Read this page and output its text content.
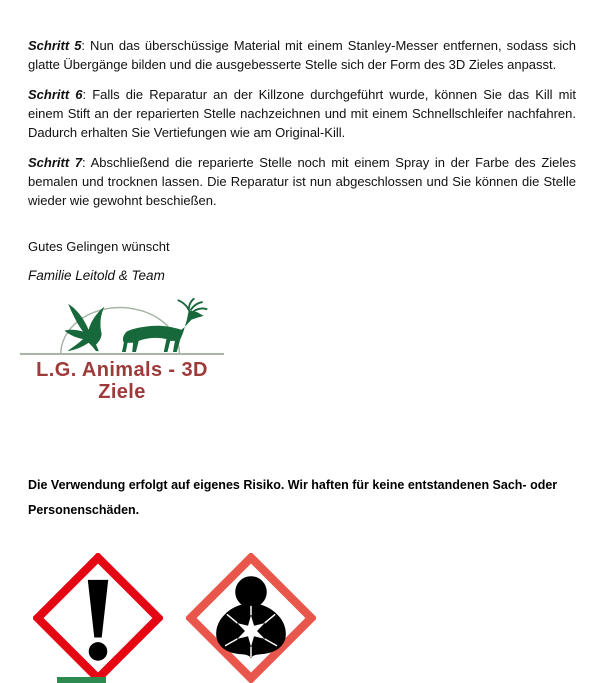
Schritt 5: Nun das überschüssige Material mit einem Stanley-Messer entfernen, sodass sich glatte Übergänge bilden und die ausgebesserte Stelle sich der Form des 3D Zieles anpasst.

Schritt 6: Falls die Reparatur an der Killzone durchgeführt wurde, können Sie das Kill mit einem Stift an der reparierten Stelle nachzeichnen und mit einem Schnellschleifer nachfahren. Dadurch erhalten Sie Vertiefungen wie am Original-Kill.

Schritt 7: Abschließend die reparierte Stelle noch mit einem Spray in der Farbe des Zieles bemalen und trocknen lassen. Die Reparatur ist nun abgeschlossen und Sie können die Stelle wieder wie gewohnt beschießen.

Gutes Gelingen wünscht
Familie Leitold & Team
L.G. Animals - 3D Ziele
Die Verwendung erfolgt auf eigenes Risiko. Wir haften für keine entstandenen Sach- oder
Personenschäden.
